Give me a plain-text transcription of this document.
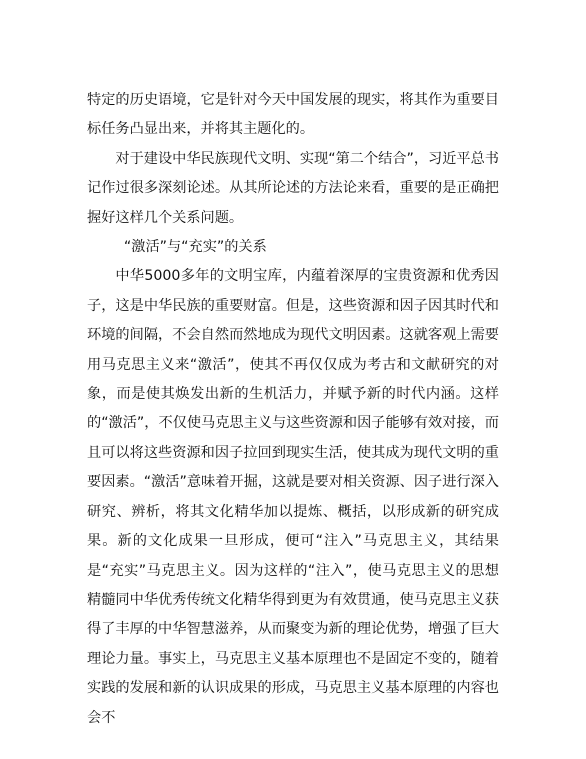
特定的历史语境，它是针对今天中国发展的现实，将其作为重要目标任务凸显出来，并将其主题化的。

对于建设中华民族现代文明、实现“第二个结合”，习近平总书记作过很多深刻论述。从其所论述的方法论来看，重要的是正确把握好这样几个关系问题。

“激活”与“充实”的关系

中华5000多年的文明宝库，内蕴着深厚的宝贵资源和优秀因子，这是中华民族的重要财富。但是，这些资源和因子因其时代和环境的间隔，不会自然而然地成为现代文明因素。这就客观上需要用马克思主义来“激活”，使其不再仅仅成为考古和文献研究的对象，而是使其焕发出新的生机活力，并赋予新的时代内涵。这样的“激活”，不仅使马克思主义与这些资源和因子能够有效对接，而且可以将这些资源和因子拉回到现实生活，使其成为现代文明的重要因素。“激活”意味着开掘，这就是要对相关资源、因子进行深入研究、辨析，将其文化精华加以提炼、概括，以形成新的研究成果。新的文化成果一旦形成，便可“注入”马克思主义，其结果是“充实”马克思主义。因为这样的“注入”，使马克思主义的思想精髓同中华优秀传统文化精华得到更为有效贯通，使马克思主义获得了丰厚的中华智慧滋养，从而聚变为新的理论优势，增强了巨大理论力量。事实上，马克思主义基本原理也不是固定不变的，随着实践的发展和新的认识成果的形成，马克思主义基本原理的内容也会不
